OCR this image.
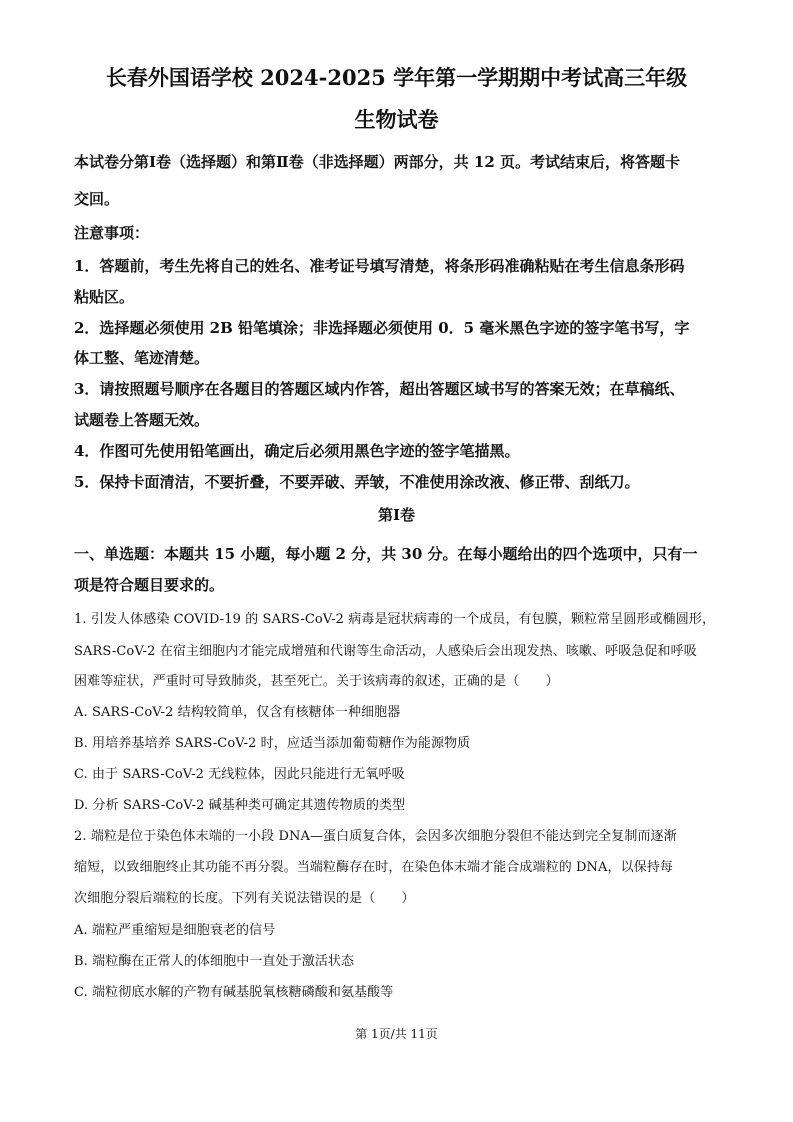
长春外国语学校 2024-2025 学年第一学期期中考试高三年级
生物试卷
本试卷分第Ⅰ卷（选择题）和第Ⅱ卷（非选择题）两部分，共 12 页。考试结束后，将答题卡
交回。
注意事项：
1．答题前，考生先将自己的姓名、准考证号填写清楚，将条形码准确粘贴在考生信息条形码
粘贴区。
2．选择题必须使用 2B 铅笔填涂；非选择题必须使用 0．5 毫米黑色字迹的签字笔书写，字
体工整、笔迹清楚。
3．请按照题号顺序在各题目的答题区域内作答，超出答题区域书写的答案无效；在草稿纸、
试题卷上答题无效。
4．作图可先使用铅笔画出，确定后必须用黑色字迹的签字笔描黑。
5．保持卡面清洁，不要折叠，不要弄破、弄皱，不准使用涂改液、修正带、刮纸刀。
第Ⅰ卷
一、单选题：本题共 15 小题，每小题 2 分，共 30 分。在每小题给出的四个选项中，只有一
项是符合题目要求的。
1. 引发人体感染 COVID-19 的 SARS-CoV-2 病毒是冠状病毒的一个成员，有包膜，颗粒常呈圆形或椭圆形，
SARS-CoV-2 在宿主细胞内才能完成增殖和代谢等生命活动，人感染后会出现发热、咳嗽、呼吸急促和呼吸
困难等症状，严重时可导致肺炎，甚至死亡。关于该病毒的叙述，正确的是（　　）
A. SARS-CoV-2 结构较简单，仅含有核糖体一种细胞器
B. 用培养基培养 SARS-CoV-2 时，应适当添加葡萄糖作为能源物质
C. 由于 SARS-CoV-2 无线粒体，因此只能进行无氧呼吸
D. 分析 SARS-CoV-2 碱基种类可确定其遗传物质的类型
2. 端粒是位于染色体末端的一小段 DNA—蛋白质复合体，会因多次细胞分裂但不能达到完全复制而逐渐
缩短，以致细胞终止其功能不再分裂。当端粒酶存在时，在染色体末端才能合成端粒的 DNA，以保持每
次细胞分裂后端粒的长度。下列有关说法错误的是（　　）
A. 端粒严重缩短是细胞衰老的信号
B. 端粒酶在正常人的体细胞中一直处于激活状态
C. 端粒彻底水解的产物有碱基脱氧核糖磷酸和氨基酸等
第 1页/共 11页
